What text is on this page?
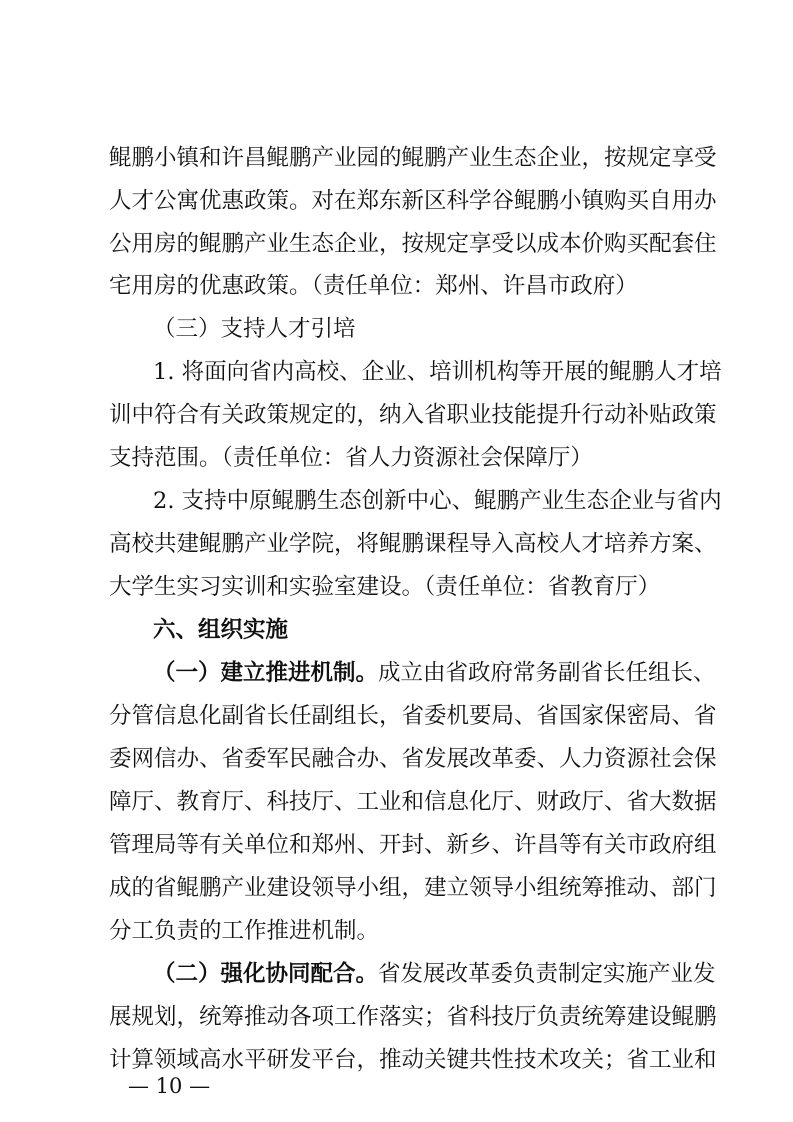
鲲鹏小镇和许昌鲲鹏产业园的鲲鹏产业生态企业，按规定享受
人才公寓优惠政策。对在郑东新区科学谷鲲鹏小镇购买自用办
公用房的鲲鹏产业生态企业，按规定享受以成本价购买配套住
宅用房的优惠政策。（责任单位：郑州、许昌市政府）
（三）支持人才引培
1. 将面向省内高校、企业、培训机构等开展的鲲鹏人才培
训中符合有关政策规定的，纳入省职业技能提升行动补贴政策
支持范围。（责任单位：省人力资源社会保障厅）
2. 支持中原鲲鹏生态创新中心、鲲鹏产业生态企业与省内
高校共建鲲鹏产业学院，将鲲鹏课程导入高校人才培养方案、
大学生实习实训和实验室建设。（责任单位：省教育厅）
六、组织实施
（一）建立推进机制。成立由省政府常务副省长任组长、
分管信息化副省长任副组长，省委机要局、省国家保密局、省
委网信办、省委军民融合办、省发展改革委、人力资源社会保
障厅、教育厅、科技厅、工业和信息化厅、财政厅、省大数据
管理局等有关单位和郑州、开封、新乡、许昌等有关市政府组
成的省鲲鹏产业建设领导小组，建立领导小组统筹推动、部门
分工负责的工作推进机制。
（二）强化协同配合。省发展改革委负责制定实施产业发
展规划，统筹推动各项工作落实；省科技厅负责统筹建设鲲鹏
计算领域高水平研发平台，推动关键共性技术攻关；省工业和
— 10 —
